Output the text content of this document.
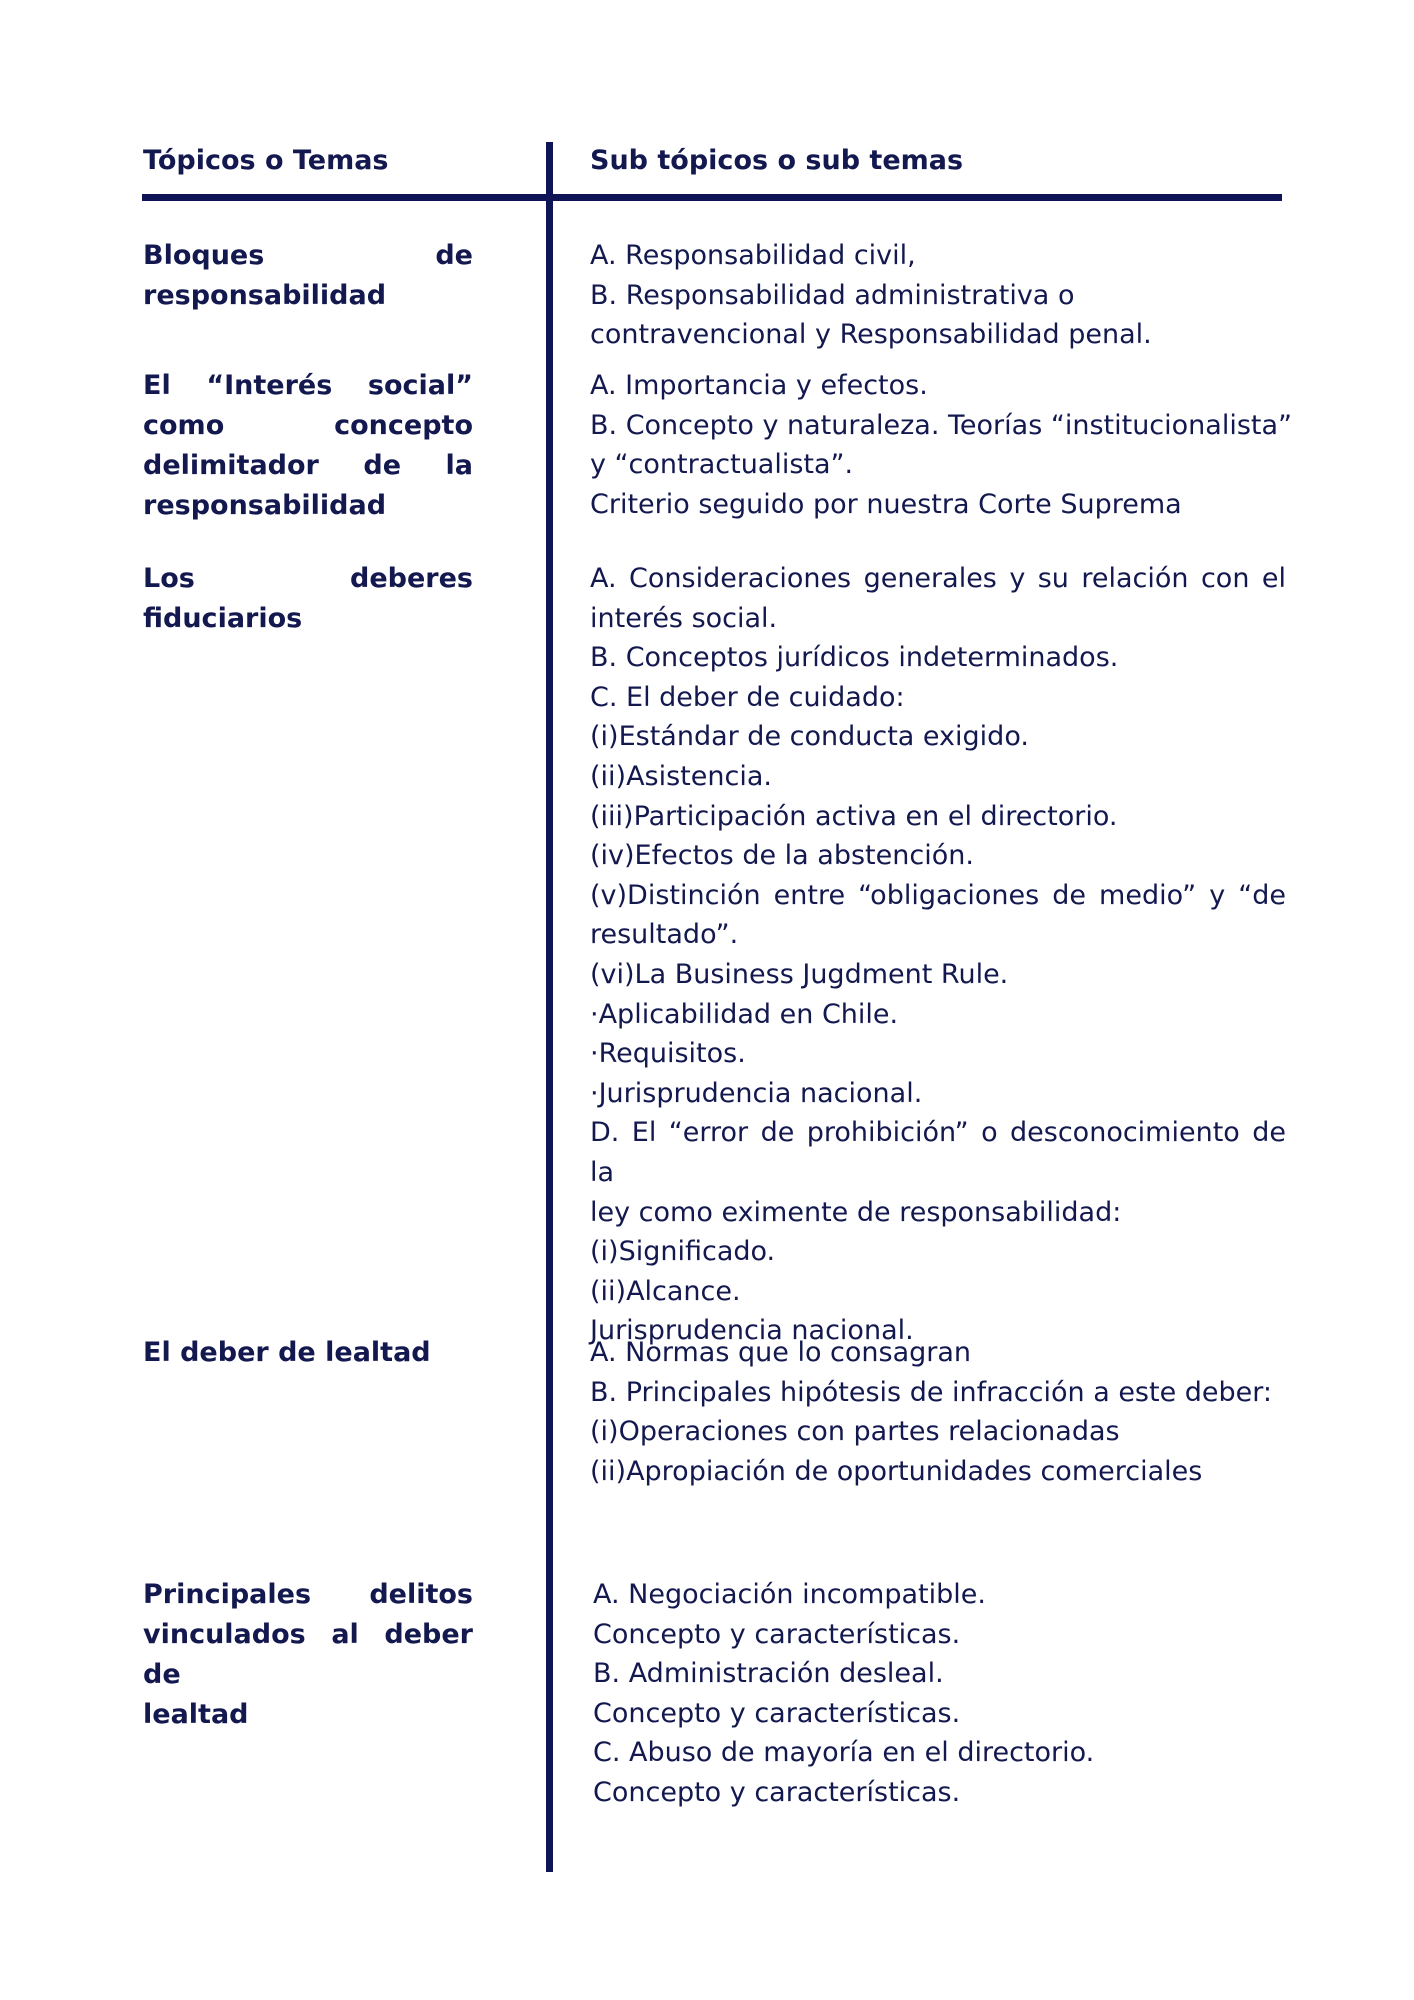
Tópicos o Temas	Sub tópicos o sub temas
Bloques de
responsabilidad
A. Responsabilidad civil,
B. Responsabilidad administrativa o
contravencional y Responsabilidad penal.
El “Interés social”
como concepto
delimitador de la
responsabilidad
A. Importancia y efectos.
B. Concepto y naturaleza. Teorías “institucionalista”
y “contractualista”.
Criterio seguido por nuestra Corte Suprema
Los deberes fiduciarios
A. Consideraciones generales y su relación con el
interés social.
B. Conceptos jurídicos indeterminados.
C. El deber de cuidado:
(i)Estándar de conducta exigido.
(ii)Asistencia.
(iii)Participación activa en el directorio.
(iv)Efectos de la abstención.
(v)Distinción entre “obligaciones de medio” y “de
resultado”.
(vi)La Business Jugdment Rule.
·Aplicabilidad en Chile.
·Requisitos.
·Jurisprudencia nacional.
D. El “error de prohibición” o desconocimiento de la
ley como eximente de responsabilidad:
(i)Significado.
(ii)Alcance.
Jurisprudencia nacional.
El deber de lealtad	A. Normas que lo consagran
B. Principales hipótesis de infracción a este deber:
(i)Operaciones con partes relacionadas
(ii)Apropiación de oportunidades comerciales
Principales delitos
vinculados al deber de
lealtad
A. Negociación incompatible.
Concepto y características.
B. Administración desleal.
Concepto y características.
C. Abuso de mayoría en el directorio.
Concepto y características.
